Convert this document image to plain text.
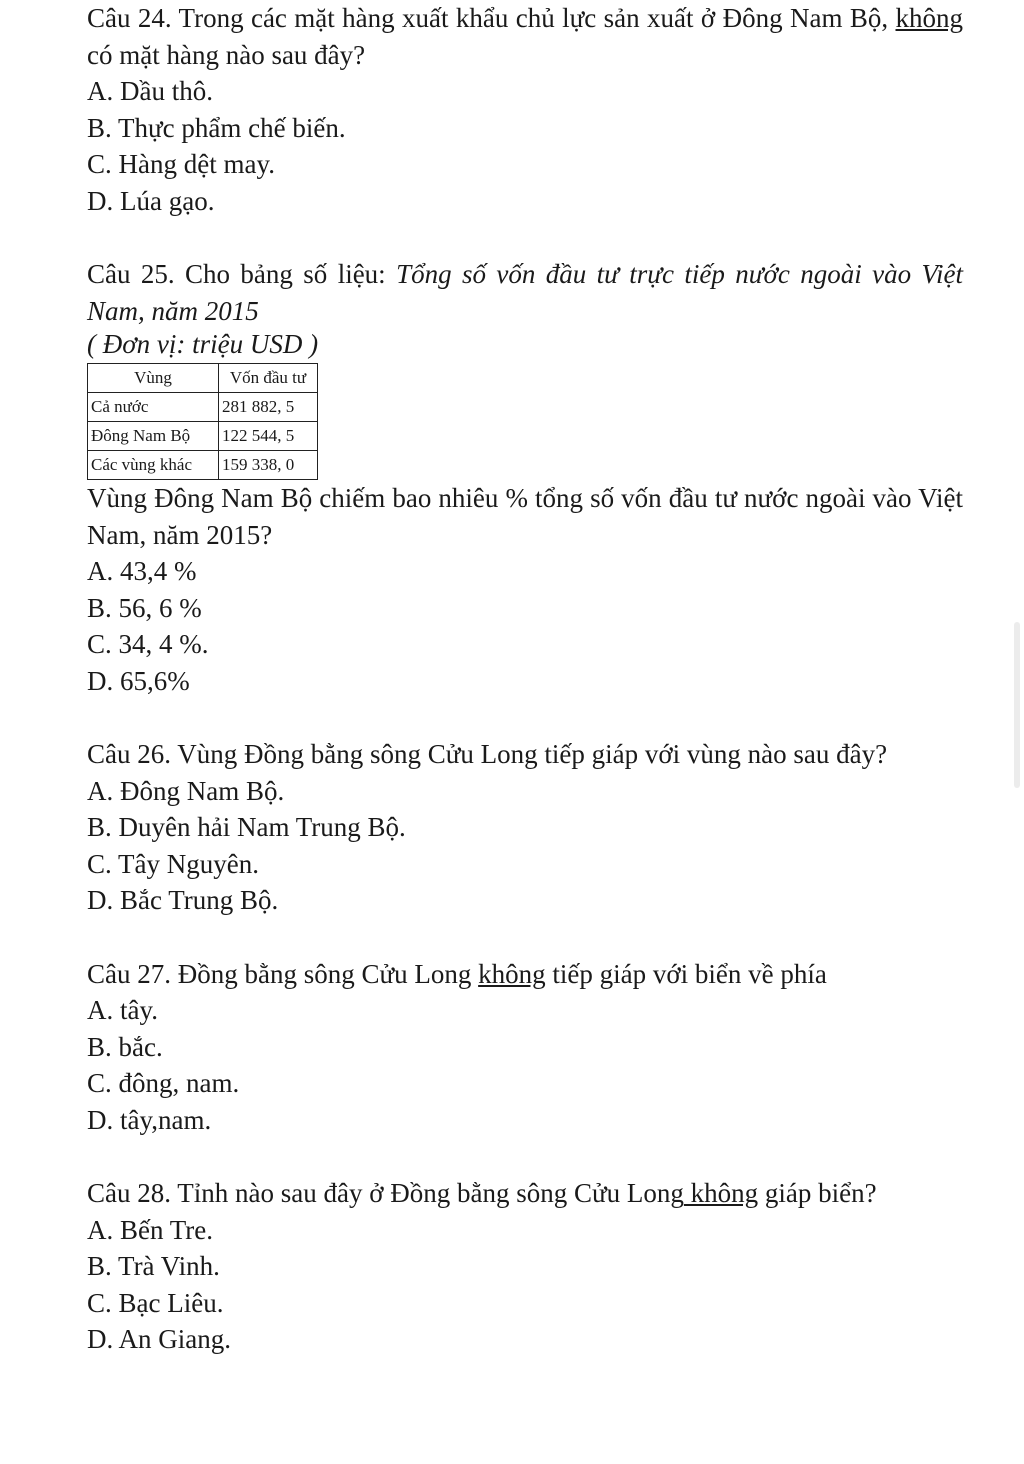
Câu 24. Trong các mặt hàng xuất khẩu chủ lực sản xuất ở Đông Nam Bộ, không có mặt hàng nào sau đây?

A. Dầu thô.

B. Thực phẩm chế biến.

C. Hàng dệt may.

D. Lúa gạo.

Câu 25. Cho bảng số liệu: Tổng số vốn đầu tư trực tiếp nước ngoài vào Việt Nam, năm 2015

( Đơn vị: triệu USD )

Vùng	Vốn đầu tư
Cả nước	281 882, 5
Đông Nam Bộ	122 544, 5
Các vùng khác	159 338, 0

Vùng Đông Nam Bộ chiếm bao nhiêu % tổng số vốn đầu tư nước ngoài vào Việt Nam, năm 2015?

A. 43,4 %

B. 56, 6 %

C. 34, 4 %.

D. 65,6%

Câu 26. Vùng Đồng bằng sông Cửu Long tiếp giáp với vùng nào sau đây?

A. Đông Nam Bộ.

B. Duyên hải Nam Trung Bộ.

C. Tây Nguyên.

D. Bắc Trung Bộ.

Câu 27. Đồng bằng sông Cửu Long không tiếp giáp với biển về phía

A. tây.

B. bắc.

C. đông, nam.

D. tây,nam.

Câu 28. Tỉnh nào sau đây ở Đồng bằng sông Cửu Long không giáp biển?

A. Bến Tre.

B. Trà Vinh.

C. Bạc Liêu.

D. An Giang.
